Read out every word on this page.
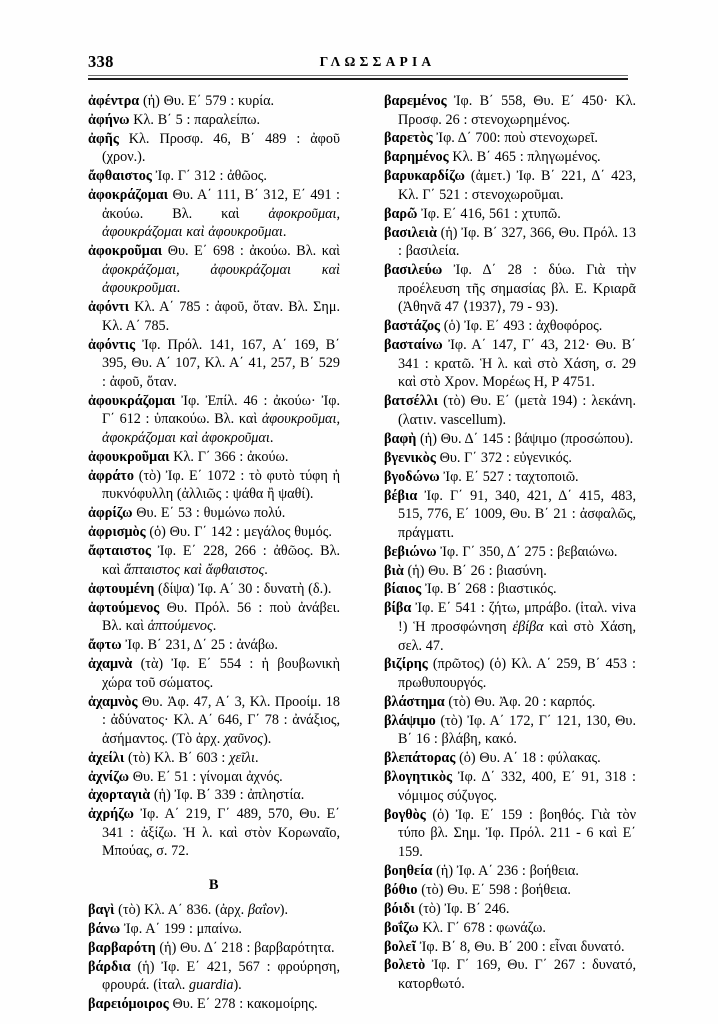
338	ΓΛΩΣΣΑΡΙΑ

ἀφέντρα (ἡ) Θυ. Ε΄ 579 : κυρία.

ἀφήνω Κλ. Β΄ 5 : παραλείπω.

ἀφῆς Κλ. Προσφ. 46, Β΄ 489 : ἀφοῦ (χρον.).

ἄφθαιστος Ἰφ. Γ΄ 312 : ἀθῶος.

ἀφοκράζομαι Θυ. Α΄ 111, Β΄ 312, Ε΄ 491 : ἀκούω. Βλ. καὶ ἀφοκροῦμαι, ἀφουκράζομαι καὶ ἀφουκροῦμαι.

ἀφοκροῦμαι Θυ. Ε΄ 698 : ἀκούω. Βλ. καὶ ἀφοκράζομαι, ἀφουκράζομαι καὶ ἀφουκροῦμαι.

ἀφόντι Κλ. Α΄ 785 : ἀφοῦ, ὅταν. Βλ. Σημ. Κλ. Α΄ 785.

ἀφόντις Ἰφ. Πρόλ. 141, 167, Α΄ 169, Β΄ 395, Θυ. Α΄ 107, Κλ. Α΄ 41, 257, Β΄ 529 : ἀφοῦ, ὅταν.

ἀφουκράζομαι Ἰφ. Ἐπίλ. 46 : ἀκούω· Ἰφ. Γ΄ 612 : ὑπακούω. Βλ. καὶ ἀφουκροῦμαι, ἀφοκράζομαι καὶ ἀφοκροῦμαι.

ἀφουκροῦμαι Κλ. Γ΄ 366 : ἀκούω.

ἀφράτο (τὸ) Ἰφ. Ε΄ 1072 : τὸ φυτὸ τύφη ἡ πυκνόφυλλη (ἀλλιῶς : ψάθα ἢ ψαθί).

ἀφρίζω Θυ. Ε΄ 53 : θυμώνω πολύ.

ἀφρισμὸς (ὁ) Θυ. Γ΄ 142 : μεγάλος θυμός.

ἄφταιστος Ἰφ. Ε΄ 228, 266 : ἀθῶος. Βλ. καὶ ἄπταιστος καὶ ἄφθαιστος.

ἀφτουμένη (δίψα) Ἰφ. Α΄ 30 : δυνατὴ (δ.).

ἀφτούμενος Θυ. Πρόλ. 56 : ποὺ ἀνάβει. Βλ. καὶ ἁπτούμενος.

ἄφτω Ἰφ. Β΄ 231, Δ΄ 25 : ἀνάβω.

ἀχαμνὰ (τὰ) Ἰφ. Ε΄ 554 : ἡ βουβωνικὴ χώρα τοῦ σώματος.

ἀχαμνὸς Θυ. Ἀφ. 47, Α΄ 3, Κλ. Προοίμ. 18 : ἀδύνατος· Κλ. Α΄ 646, Γ΄ 78 : ἀνάξιος, ἀσήμαντος. (Τὸ ἀρχ. χαῦνος).

ἀχείλι (τὸ) Κλ. Β΄ 603 : χεῖλι.

ἀχνίζω Θυ. Ε΄ 51 : γίνομαι ἀχνός.

ἀχορταγιὰ (ἡ) Ἰφ. Β΄ 339 : ἀπληστία.

ἀχρήζω Ἰφ. Α΄ 219, Γ΄ 489, 570, Θυ. Ε΄ 341 : ἀξίζω. Ἡ λ. καὶ στὸν Κορωναῖο, Μπούας, σ. 72.

Β

βαγὶ (τὸ) Κλ. Α΄ 836. (ἀρχ. βαΐον).

βάνω Ἰφ. Α΄ 199 : μπαίνω.

βαρβαρότη (ἡ) Θυ. Δ΄ 218 : βαρβαρότητα.

βάρδια (ἡ) Ἰφ. Ε΄ 421, 567 : φρούρηση, φρουρά. (ἰταλ. guardia).

βαρειόμοιρος Θυ. Ε΄ 278 : κακομοίρης.

βαρεμένος Ἰφ. Β΄ 558, Θυ. Ε΄ 450· Κλ. Προσφ. 26 : στενοχωρημένος.

βαρετὸς Ἰφ. Δ΄ 700: ποὺ στενοχωρεῖ.

βαρημένος Κλ. Β΄ 465 : πληγωμένος.

βαρυκαρδίζω (ἀμετ.) Ἰφ. Β΄ 221, Δ΄ 423, Κλ. Γ΄ 521 : στενοχωροῦμαι.

βαρῶ Ἰφ. Ε΄ 416, 561 : χτυπῶ.

βασιλειὰ (ἡ) Ἰφ. Β΄ 327, 366, Θυ. Πρόλ. 13 : βασιλεία.

βασιλεύω Ἰφ. Δ΄ 28 : δύω. Γιὰ τὴν προέλευση τῆς σημασίας βλ. Ε. Κριαρᾶ (Ἀθηνᾶ 47 ⟨1937⟩, 79 - 93).

βαστάζος (ὁ) Ἰφ. Ε΄ 493 : ἀχθοφόρος.

βασταίνω Ἰφ. Α΄ 147, Γ΄ 43, 212· Θυ. Β΄ 341 : κρατῶ. Ἡ λ. καὶ στὸ Χάση, σ. 29 καὶ στὸ Χρον. Μορέως Η, Ρ 4751.

βατσέλλι (τὸ) Θυ. Ε΄ (μετὰ 194) : λεκάνη. (λατιν. vascellum).

βαφὴ (ἡ) Θυ. Δ΄ 145 : βάψιμο (προσώπου).

βγενικὸς Θυ. Γ΄ 372 : εὐγενικός.

βγοδώνω Ἰφ. Ε΄ 527 : ταχτοποιῶ.

βέβια Ἰφ. Γ΄ 91, 340, 421, Δ΄ 415, 483, 515, 776, Ε΄ 1009, Θυ. Β΄ 21 : ἀσφαλῶς, πράγματι.

βεβιώνω Ἰφ. Γ΄ 350, Δ΄ 275 : βεβαιώνω.

βιὰ (ἡ) Θυ. Β΄ 26 : βιασύνη.

βίαιος Ἰφ. Β΄ 268 : βιαστικός.

βίβα Ἰφ. Ε΄ 541 : ζήτω, μπράβο. (ἰταλ. viva !) Ἡ προσφώνηση ἐβίβα καὶ στὸ Χάση, σελ. 47.

βιζίρης (πρῶτος) (ὁ) Κλ. Α΄ 259, Β΄ 453 : πρωθυπουργός.

βλάστημα (τὸ) Θυ. Ἀφ. 20 : καρπός.

βλάψιμο (τὸ) Ἰφ. Α΄ 172, Γ΄ 121, 130, Θυ. Β΄ 16 : βλάβη, κακό.

βλεπάτορας (ὁ) Θυ. Α΄ 18 : φύλακας.

βλογητικὸς Ἰφ. Δ΄ 332, 400, Ε΄ 91, 318 : νόμιμος σύζυγος.

βογθὸς (ὁ) Ἰφ. Ε΄ 159 : βοηθός. Γιὰ τὸν τύπο βλ. Σημ. Ἰφ. Πρόλ. 211 - 6 καὶ Ε΄ 159.

βοηθεία (ἡ) Ἰφ. Α΄ 236 : βοήθεια.

βόθιο (τὸ) Θυ. Ε΄ 598 : βοήθεια.

βόιδι (τὸ) Ἰφ. Β΄ 246.

βοΐζω Κλ. Γ΄ 678 : φωνάζω.

βολεῖ Ἰφ. Β΄ 8, Θυ. Β΄ 200 : εἶναι δυνατό.

βολετὸ Ἰφ. Γ΄ 169, Θυ. Γ΄ 267 : δυνατό, κατορθωτό.
